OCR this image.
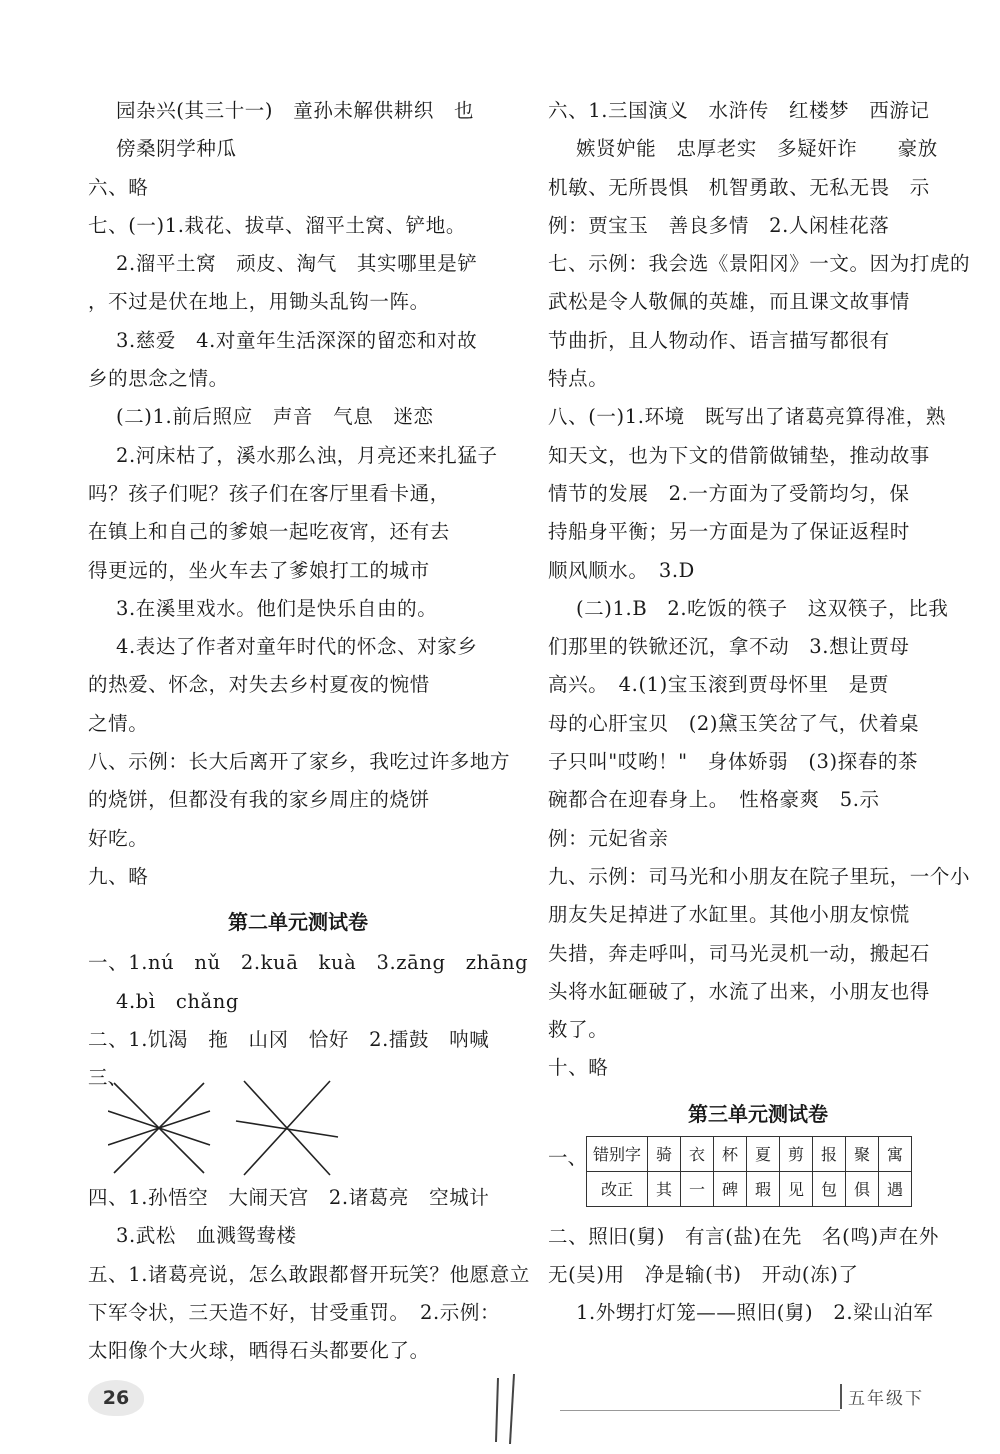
园杂兴(其三十一)　童孙未解供耕织　也
傍桑阴学种瓜
六、略
七、(一)1.栽花、拔草、溜平土窝、铲地。
2.溜平土窝　顽皮、淘气　其实哪里是铲
，不过是伏在地上，用锄头乱钩一阵。
3.慈爱　4.对童年生活深深的留恋和对故
乡的思念之情。
(二)1.前后照应　声音　气息　迷恋
2.河床枯了，溪水那么浊，月亮还来扎猛子
吗？孩子们呢？孩子们在客厅里看卡通，
在镇上和自己的爹娘一起吃夜宵，还有去
得更远的，坐火车去了爹娘打工的城市
3.在溪里戏水。他们是快乐自由的。
4.表达了作者对童年时代的怀念、对家乡
的热爱、怀念，对失去乡村夏夜的惋惜
之情。
八、示例：长大后离开了家乡，我吃过许多地方
的烧饼，但都没有我的家乡周庄的烧饼
好吃。
九、略
第二单元测试卷
一、1.nú　nǔ　2.kuā　kuà　3.zāng　zhāng
4.bì　chǎng
二、1.饥渴　拖　山冈　恰好　2.擂鼓　呐喊
三、
四、1.孙悟空　大闹天宫　2.诸葛亮　空城计
3.武松　血溅鸳鸯楼
五、1.诸葛亮说，怎么敢跟都督开玩笑？他愿意立
下军令状，三天造不好，甘受重罚。　2.示例：
太阳像个大火球，晒得石头都要化了。
六、1.三国演义　水浒传　红楼梦　西游记
嫉贤妒能　忠厚老实　多疑奸诈　　豪放
机敏、无所畏惧　机智勇敢、无私无畏　示
例：贾宝玉　善良多情　2.人闲桂花落
七、示例：我会选《景阳冈》一文。因为打虎的
武松是令人敬佩的英雄，而且课文故事情
节曲折，且人物动作、语言描写都很有
特点。
八、(一)1.环境　既写出了诸葛亮算得准，熟
知天文，也为下文的借箭做铺垫，推动故事
情节的发展　2.一方面为了受箭均匀，保
持船身平衡；另一方面是为了保证返程时
顺风顺水。　3.D
(二)1.B　2.吃饭的筷子　这双筷子，比我
们那里的铁锨还沉，拿不动　3.想让贾母
高兴。　4.(1)宝玉滚到贾母怀里　是贾
母的心肝宝贝　(2)黛玉笑岔了气，伏着桌
子只叫"哎哟！"　身体娇弱　(3)探春的茶
碗都合在迎春身上。　性格豪爽　5.示
例：元妃省亲
九、示例：司马光和小朋友在院子里玩，一个小
朋友失足掉进了水缸里。其他小朋友惊慌
失措，奔走呼叫，司马光灵机一动，搬起石
头将水缸砸破了，水流了出来，小朋友也得
救了。
十、略
第三单元测试卷
一、 错别字	骑	衣	杯	夏	剪	报	聚	寓
改正	其	一	碑	瑕	见	包	俱	遇
二、照旧(舅)　有言(盐)在先　名(鸣)声在外
无(吴)用　净是输(书)　开动(冻)了
1.外甥打灯笼——照旧(舅)　2.梁山泊军
26	五年级下
